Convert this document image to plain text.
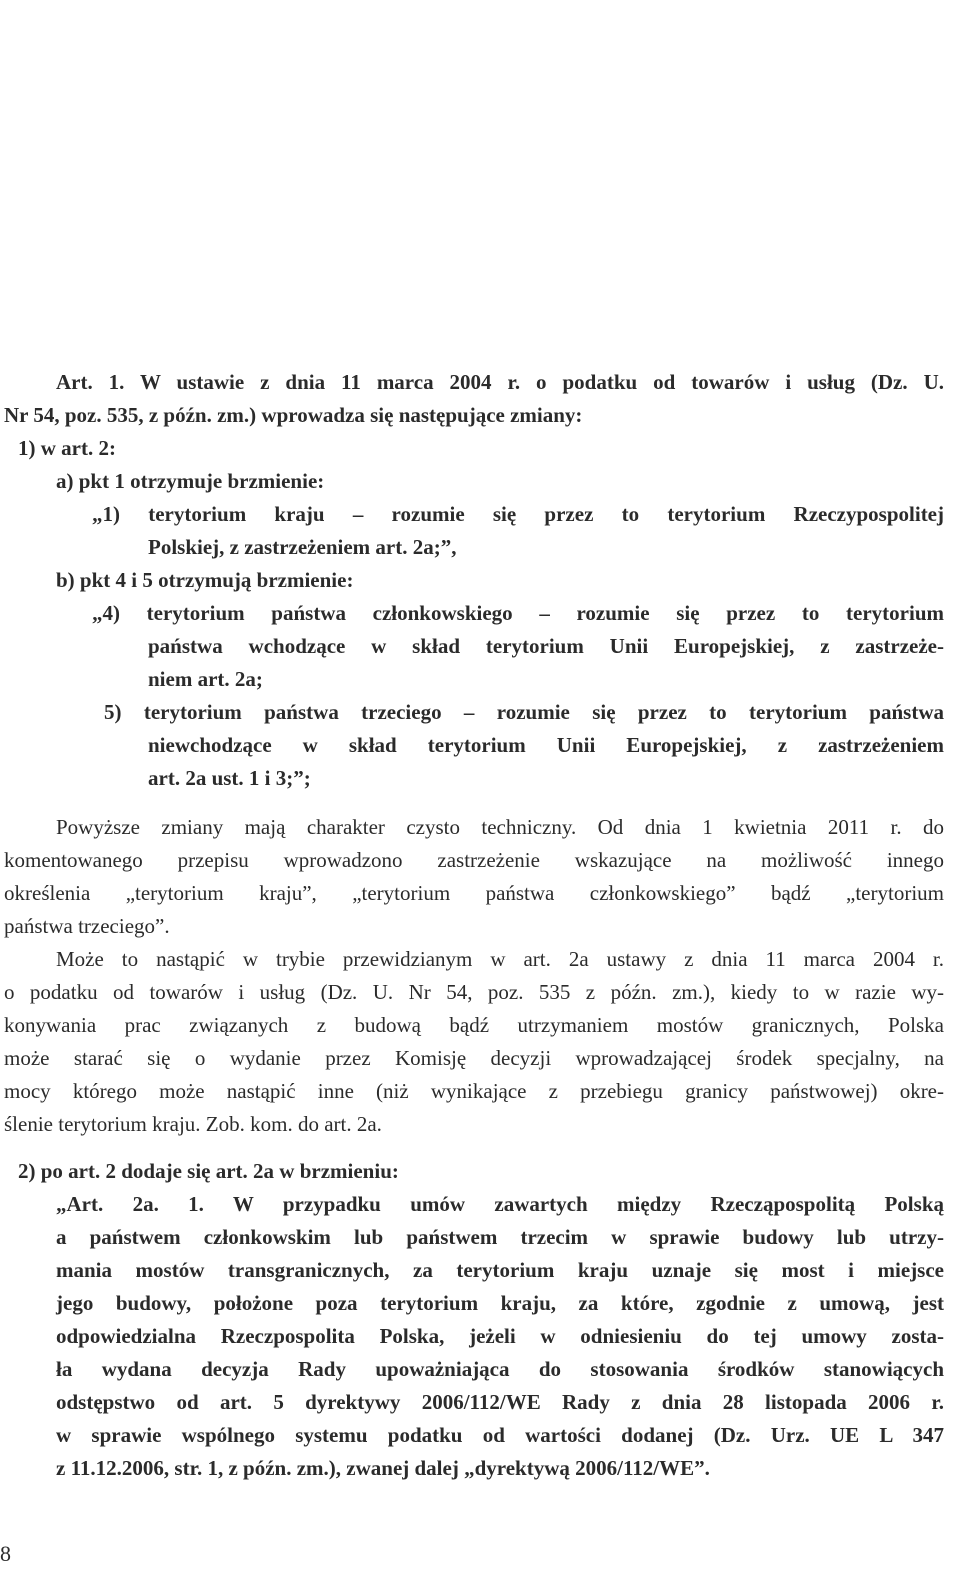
Art. 1. W ustawie z dnia 11 marca 2004 r. o podatku od towarów i usług (Dz. U.

Nr 54, poz. 535, z późn. zm.) wprowadza się następujące zmiany:

1) w art. 2:

a) pkt 1 otrzymuje brzmienie:

„1) terytorium kraju – rozumie się przez to terytorium Rzeczypospolitej

Polskiej, z zastrzeżeniem art. 2a;”,

b) pkt 4 i 5 otrzymują brzmienie:

„4) terytorium państwa członkowskiego – rozumie się przez to terytorium

państwa wchodzące w skład terytorium Unii Europejskiej, z zastrzeże-

niem art. 2a;

5) terytorium państwa trzeciego – rozumie się przez to terytorium państwa

niewchodzące w skład terytorium Unii Europejskiej, z zastrzeżeniem

art. 2a ust. 1 i 3;”;

Powyższe zmiany mają charakter czysto techniczny. Od dnia 1 kwietnia 2011 r. do

komentowanego przepisu wprowadzono zastrzeżenie wskazujące na możliwość innego

określenia „terytorium kraju”, „terytorium państwa członkowskiego” bądź „terytorium

państwa trzeciego”.

Może to nastąpić w trybie przewidzianym w art. 2a ustawy z dnia 11 marca 2004 r.

o podatku od towarów i usług (Dz. U. Nr 54, poz. 535 z późn. zm.), kiedy to w razie wy-

konywania prac związanych z budową bądź utrzymaniem mostów granicznych, Polska

może starać się o wydanie przez Komisję decyzji wprowadzającej środek specjalny, na

mocy którego może nastąpić inne (niż wynikające z przebiegu granicy państwowej) okre-

ślenie terytorium kraju. Zob. kom. do art. 2a.

2) po art. 2 dodaje się art. 2a w brzmieniu:

„Art. 2a. 1. W przypadku umów zawartych między Rzecząpospolitą Polską

a państwem członkowskim lub państwem trzecim w sprawie budowy lub utrzy-

mania mostów transgranicznych, za terytorium kraju uznaje się most i miejsce

jego budowy, położone poza terytorium kraju, za które, zgodnie z umową, jest

odpowiedzialna Rzeczpospolita Polska, jeżeli w odniesieniu do tej umowy zosta-

ła wydana decyzja Rady upoważniająca do stosowania środków stanowiących

odstępstwo od art. 5 dyrektywy 2006/112/WE Rady z dnia 28 listopada 2006 r.

w sprawie wspólnego systemu podatku od wartości dodanej (Dz. Urz. UE L 347

z 11.12.2006, str. 1, z późn. zm.), zwanej dalej „dyrektywą 2006/112/WE”.

8
